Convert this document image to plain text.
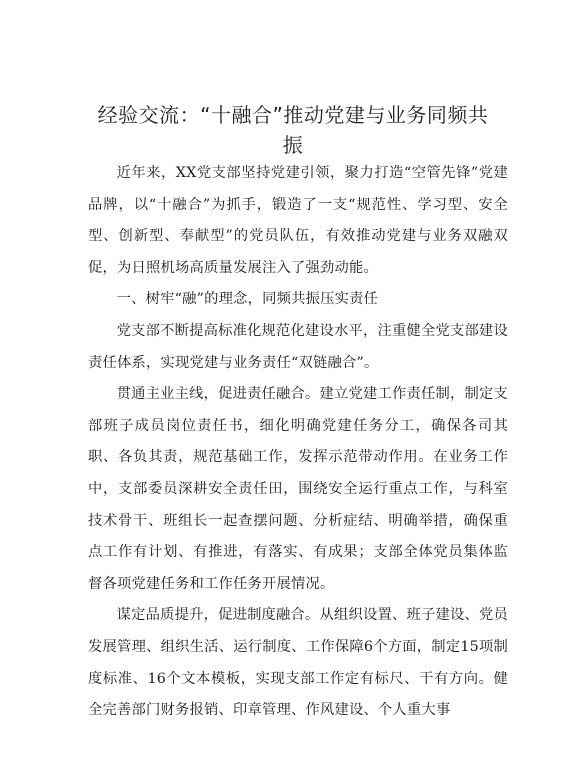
经验交流：“十融合”推动党建与业务同频共振

近年来，XX党支部坚持党建引领，聚力打造“空管先锋”党建品牌，以“十融合”为抓手，锻造了一支“规范性、学习型、安全型、创新型、奉献型”的党员队伍，有效推动党建与业务双融双促，为日照机场高质量发展注入了强劲动能。

一、树牢“融”的理念，同频共振压实责任

党支部不断提高标准化规范化建设水平，注重健全党支部建设责任体系，实现党建与业务责任“双链融合”。

贯通主业主线，促进责任融合。建立党建工作责任制，制定支部班子成员岗位责任书，细化明确党建任务分工，确保各司其职、各负其责，规范基础工作，发挥示范带动作用。在业务工作中，支部委员深耕安全责任田，围绕安全运行重点工作，与科室技术骨干、班组长一起查摆问题、分析症结、明确举措，确保重点工作有计划、有推进，有落实、有成果；支部全体党员集体监督各项党建任务和工作任务开展情况。

谋定品质提升，促进制度融合。从组织设置、班子建设、党员发展管理、组织生活、运行制度、工作保障6个方面，制定15项制度标准、16个文本模板，实现支部工作定有标尺、干有方向。健全完善部门财务报销、印章管理、作风建设、个人重大事
